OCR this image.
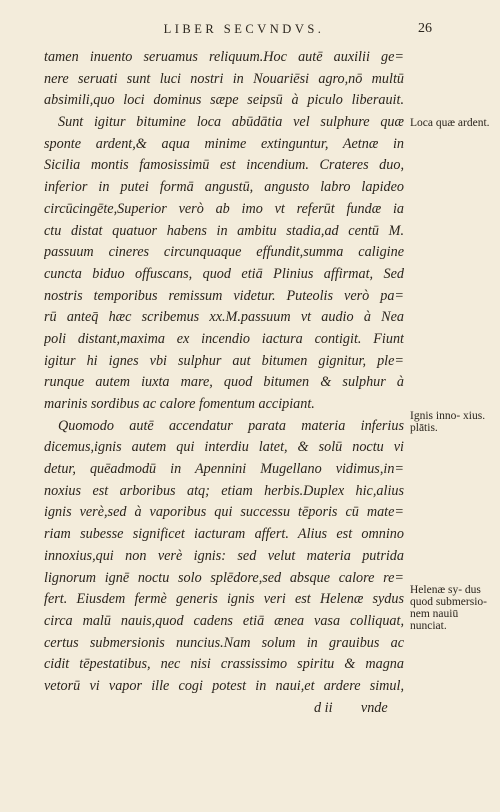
LIBER SECVNDVS.	26
tamen inuento seruamus reliquum.Hoc autē auxilii ge=
nere seruati sunt luci nostri in Nouariēsi agro,nō multū
absimili,quo loci dominus sæpe seipsū à piculo liberauit.
Sunt igitur bitumine loca abūdātia vel sulphure quæ
sponte ardent,& aqua minime extinguntur, Aetnæ in
Sicilia montis famosissimū est incendium. Crateres duo,
inferior in putei formā angustū, angusto labro lapideo
circūcingēte,Superior verò ab imo vt referūt fundæ ia
ctu distat quatuor habens in ambitu stadia,ad centū M.
passuum cineres circunquaque effundit,summa caligine
cuncta biduo offuscans, quod etiā Plinius affirmat, Sed
nostris temporibus remissum videtur. Puteolis verò pa=
rū anteq̄ hæc scribemus xx.M.passuum vt audio à Nea
poli distant,maxima ex incendio iactura contigit. Fiunt
igitur hi ignes vbi sulphur aut bitumen gignitur, ple=
runque autem iuxta mare, quod bitumen & sulphur à
marinis sordibus ac calore fomentum accipiant.
Quomodo autē accendatur parata materia inferius
dicemus,ignis autem qui interdiu latet, & solū noctu vi
detur, quēadmodū in Apennini Mugellano vidimus,in=
noxius est arboribus atq; etiam herbis.Duplex hic,alius
ignis verè,sed à vaporibus qui successu tēporis cū mate=
riam subesse significet iacturam affert. Alius est omnino
innoxius,qui non verè ignis: sed velut materia putrida
lignorum ignē noctu solo splēdore,sed absque calore re=
fert. Eiusdem fermè generis ignis veri est Helenæ sydus
circa malū nauis,quod cadens etiā ænea vasa colliquat,
certus submersionis nuncius.Nam solum in grauibus ac
cidit tēpestatibus, nec nisi crassissimo spiritu & magna
vetorū vi vapor ille cogi potest in naui,et ardere simul,
d ii        vnde
Loca quæ ardent.
Ignis inno- xius. plātis.
Helenæ sy- dus quod submersio- nem nauiū nunciat.
